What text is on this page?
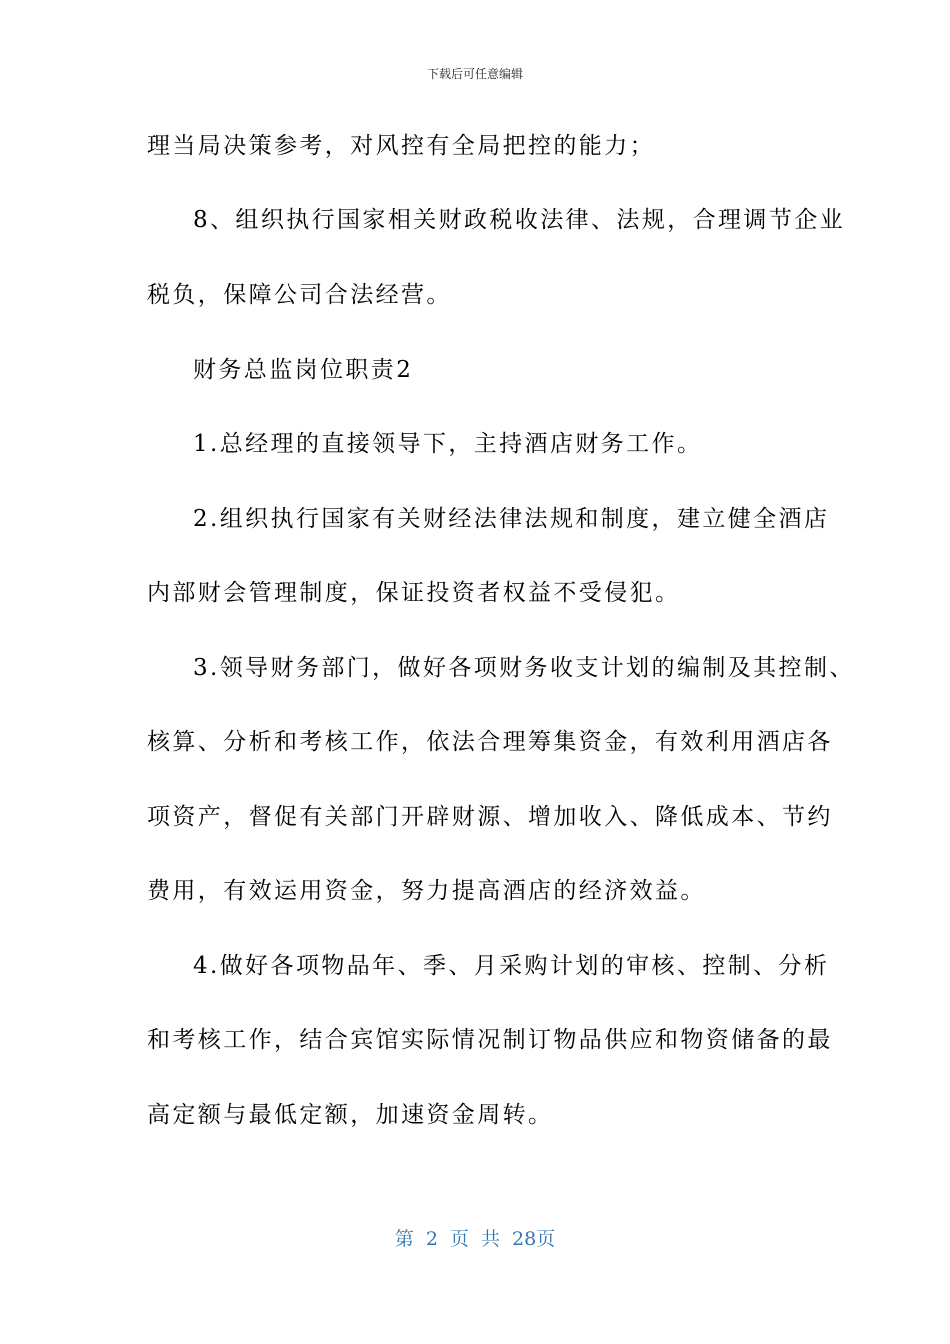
下载后可任意编辑
理当局决策参考，对风控有全局把控的能力；
8、组织执行国家相关财政税收法律、法规，合理调节企业
税负，保障公司合法经营。
财务总监岗位职责2
1.总经理的直接领导下，主持酒店财务工作。
2.组织执行国家有关财经法律法规和制度，建立健全酒店
内部财会管理制度，保证投资者权益不受侵犯。
3.领导财务部门，做好各项财务收支计划的编制及其控制、
核算、分析和考核工作，依法合理筹集资金，有效利用酒店各
项资产，督促有关部门开辟财源、增加收入、降低成本、节约
费用，有效运用资金，努力提高酒店的经济效益。
4.做好各项物品年、季、月采购计划的审核、控制、分析
和考核工作，结合宾馆实际情况制订物品供应和物资储备的最
高定额与最低定额，加速资金周转。
第 2 页 共 28页
